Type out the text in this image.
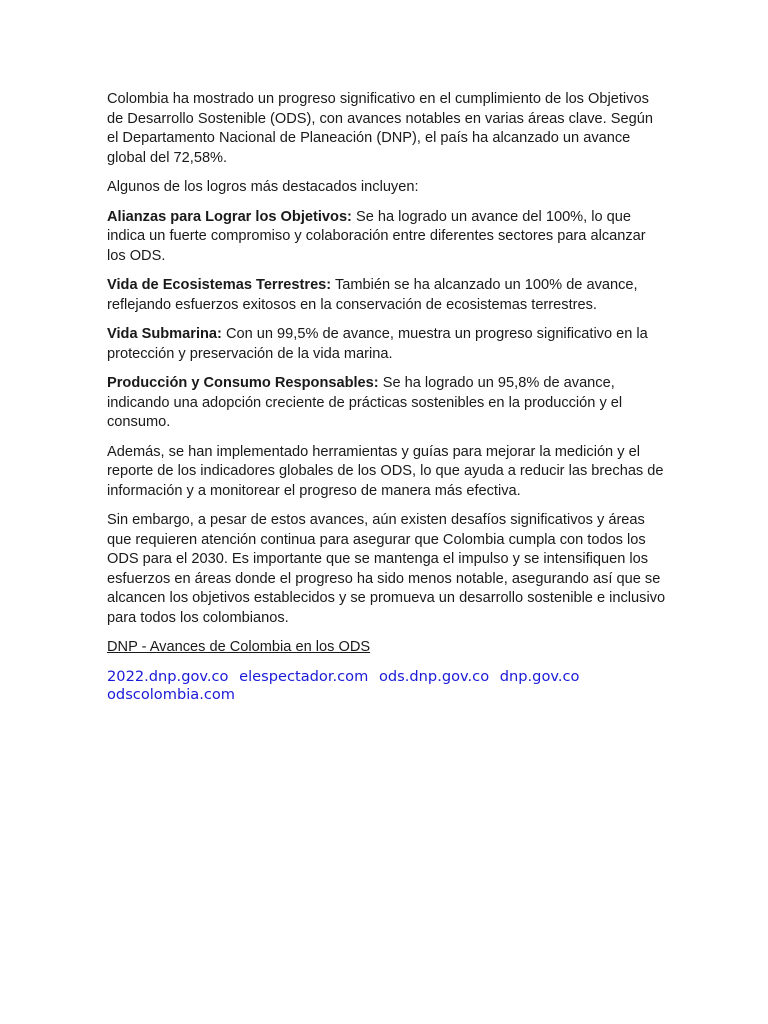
Colombia ha mostrado un progreso significativo en el cumplimiento de los Objetivos de Desarrollo Sostenible (ODS), con avances notables en varias áreas clave. Según el Departamento Nacional de Planeación (DNP), el país ha alcanzado un avance global del 72,58%.

Algunos de los logros más destacados incluyen:

Alianzas para Lograr los Objetivos: Se ha logrado un avance del 100%, lo que indica un fuerte compromiso y colaboración entre diferentes sectores para alcanzar los ODS.

Vida de Ecosistemas Terrestres: También se ha alcanzado un 100% de avance, reflejando esfuerzos exitosos en la conservación de ecosistemas terrestres.

Vida Submarina: Con un 99,5% de avance, muestra un progreso significativo en la protección y preservación de la vida marina.

Producción y Consumo Responsables: Se ha logrado un 95,8% de avance, indicando una adopción creciente de prácticas sostenibles en la producción y el consumo.

Además, se han implementado herramientas y guías para mejorar la medición y el reporte de los indicadores globales de los ODS, lo que ayuda a reducir las brechas de información y a monitorear el progreso de manera más efectiva.

Sin embargo, a pesar de estos avances, aún existen desafíos significativos y áreas que requieren atención continua para asegurar que Colombia cumpla con todos los ODS para el 2030. Es importante que se mantenga el impulso y se intensifiquen los esfuerzos en áreas donde el progreso ha sido menos notable, asegurando así que se alcancen los objetivos establecidos y se promueva un desarrollo sostenible e inclusivo para todos los colombianos.

DNP - Avances de Colombia en los ODS

2022.dnp.gov.co elespectador.com ods.dnp.gov.co dnp.gov.co
odscolombia.com
